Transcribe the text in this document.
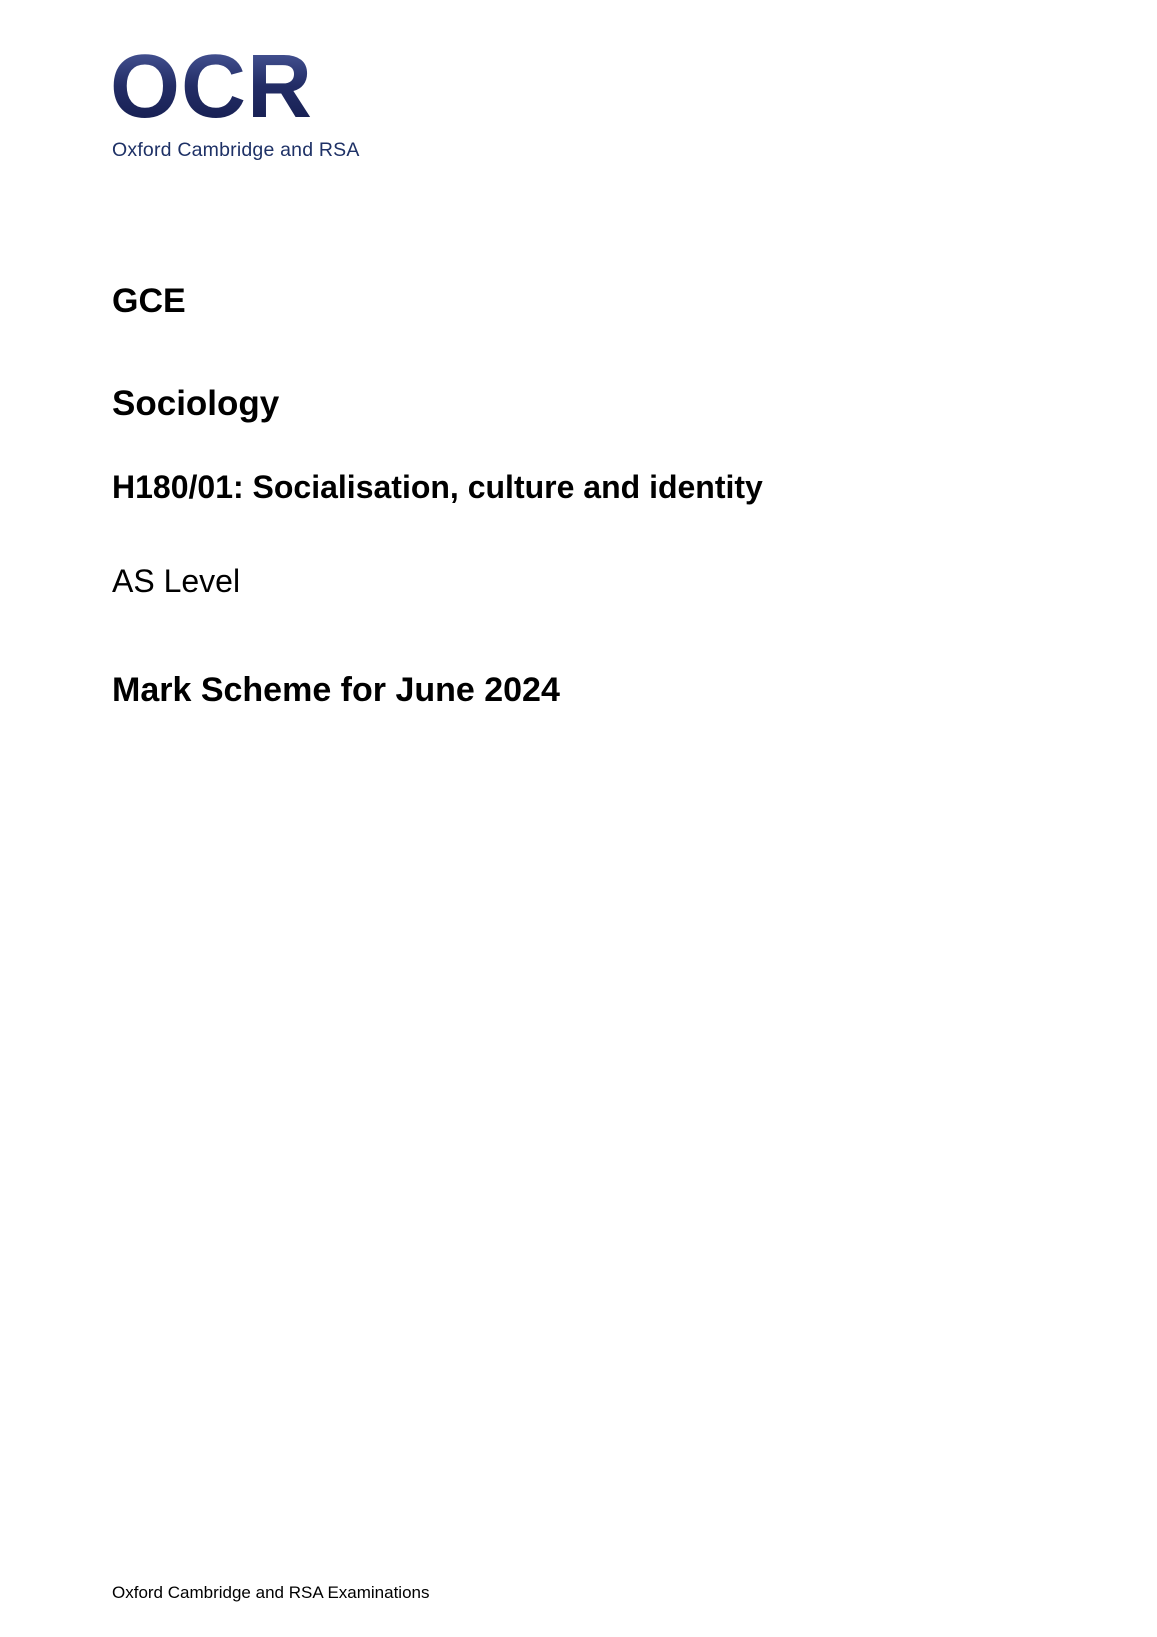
OCR
Oxford Cambridge and RSA
GCE
Sociology
H180/01: Socialisation, culture and identity

AS Level

Mark Scheme for June 2024
Oxford Cambridge and RSA Examinations
